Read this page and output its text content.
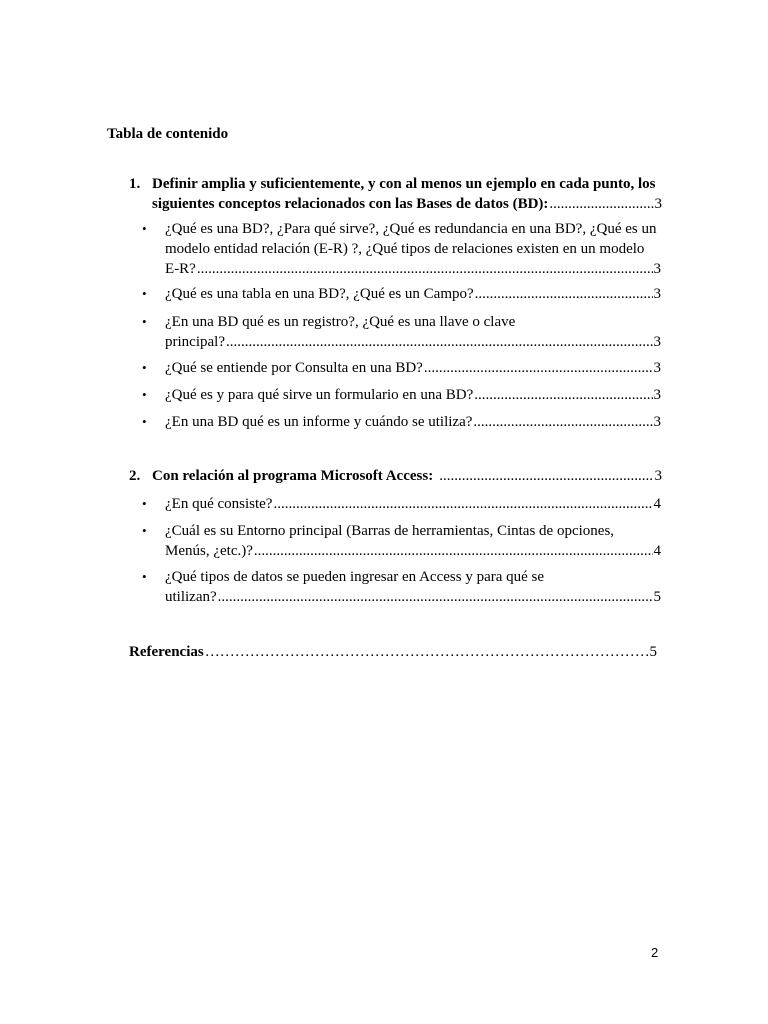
Tabla de contenido
1. Definir amplia y suficientemente, y con al menos un ejemplo en cada punto, los
siguientes conceptos relacionados con las Bases de datos (BD): .....	3
• ¿Qué es una BD?, ¿Para qué sirve?, ¿Qué es redundancia en una BD?, ¿Qué es un
modelo entidad relación (E-R) ?, ¿Qué tipos de relaciones existen en un modelo
E-R? .....	3
• ¿Qué es una tabla en una BD?, ¿Qué es un Campo? .....	3
• ¿En una BD qué es un registro?, ¿Qué es una llave o clave
principal? .....	3
• ¿Qué se entiende por Consulta en una BD? .....	3
• ¿Qué es y para qué sirve un formulario en una BD? .....	3
• ¿En una BD qué es un informe y cuándo se utiliza? .....	3
2. Con relación al programa Microsoft Access: .....	3
• ¿En qué consiste? .....	4
• ¿Cuál es su Entorno principal (Barras de herramientas, Cintas de opciones,
Menús, ¿etc.)? .....	4
• ¿Qué tipos de datos se pueden ingresar en Access y para qué se
utilizan? .....	5
Referencias …………………………………………………………………………………………………………………………………………………………	5
2
